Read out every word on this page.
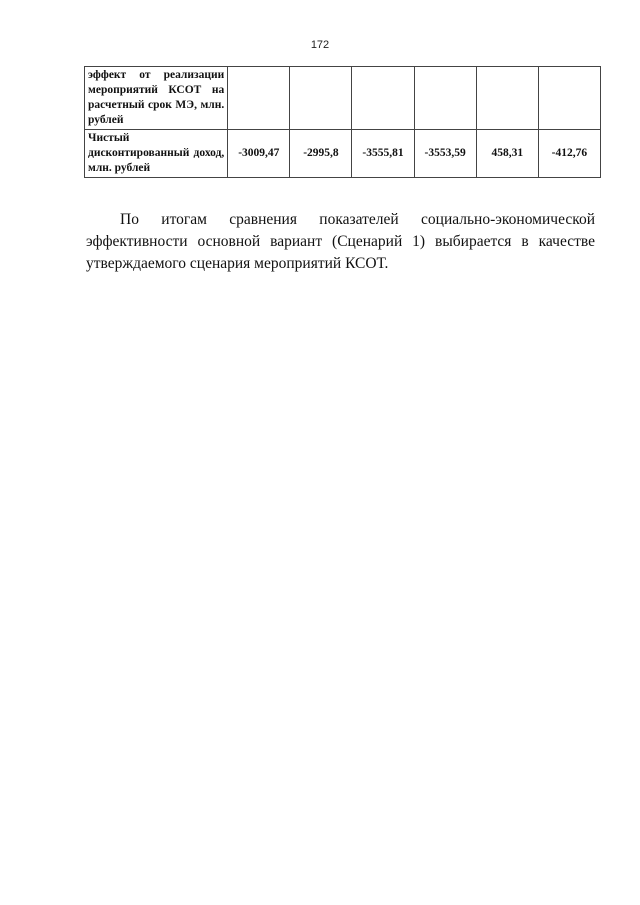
172
эффект от реализации мероприятий КСОТ на расчетный срок МЭ, млн. рублей						
Чистый дисконтированный доход, млн. рублей	-3009,47	-2995,8	-3555,81	-3553,59	458,31	-412,76

По итогам сравнения показателей социально-экономической эффективности основной вариант (Сценарий 1) выбирается в качестве утверждаемого сценария мероприятий КСОТ.
